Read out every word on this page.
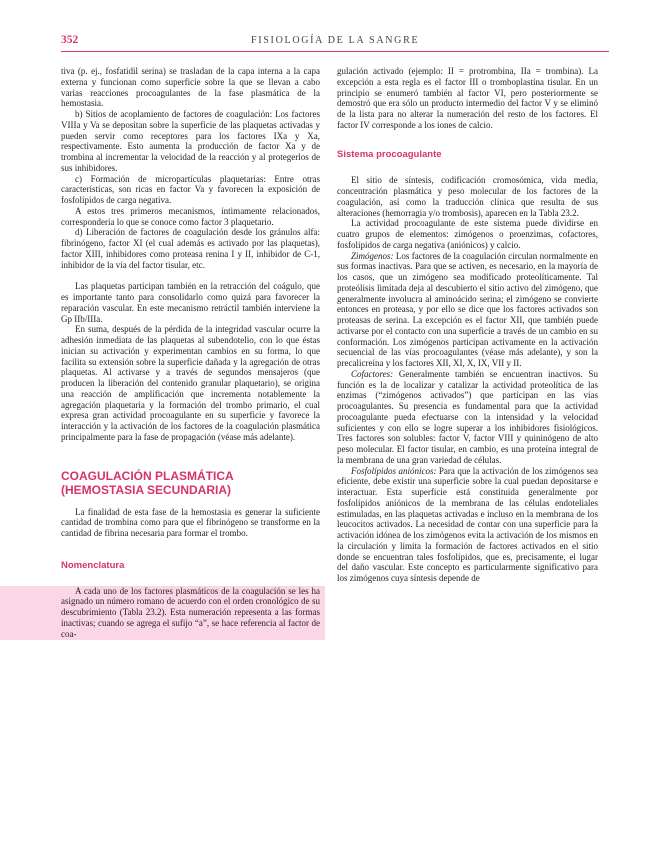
352	FISIOLOGÍA DE LA SANGRE

tiva (p. ej., fosfatidil serina) se trasladan de la capa interna a la capa externa y funcionan como superficie sobre la que se llevan a cabo varias reacciones procoagulantes de la fase plasmática de la hemostasia.

b) Sitios de acoplamiento de factores de coagulación: Los factores VIIIa y Va se depositan sobre la superficie de las plaquetas activadas y pueden servir como receptores para los factores IXa y Xa, respectivamente. Esto aumenta la producción de factor Xa y de trombina al incrementar la velocidad de la reacción y al protegerlos de sus inhibidores.

c) Formación de micropartículas plaquetarias: Entre otras características, son ricas en factor Va y favorecen la exposición de fosfolípidos de carga negativa.

A estos tres primeros mecanismos, íntimamente relacionados, correspondería lo que se conoce como factor 3 plaquetario.

d) Liberación de factores de coagulación desde los gránulos alfa: fibrinógeno, factor XI (el cual además es activado por las plaquetas), factor XIII, inhibidores como proteasa renina I y II, inhibidor de C-1, inhibidor de la vía del factor tisular, etc.

Las plaquetas participan también en la retracción del coágulo, que es importante tanto para consolidarlo como quizá para favorecer la reparación vascular. En este mecanismo retráctil también interviene la Gp IIb/IIIa.

En suma, después de la pérdida de la integridad vascular ocurre la adhesión inmediata de las plaquetas al subendotelio, con lo que éstas inician su activación y experimentan cambios en su forma, lo que facilita su extensión sobre la superficie dañada y la agregación de otras plaquetas. Al activarse y a través de segundos mensajeros (que producen la liberación del contenido granular plaquetario), se origina una reacción de amplificación que incrementa notablemente la agregación plaquetaria y la formación del trombo primario, el cual expresa gran actividad procoagulante en su superficie y favorece la interacción y la activación de los factores de la coagulación plasmática principalmente para la fase de propagación (véase más adelante).

COAGULACIÓN PLASMÁTICA
(HEMOSTASIA SECUNDARIA)

La finalidad de esta fase de la hemostasia es generar la suficiente cantidad de trombina como para que el fibrinógeno se transforme en la cantidad de fibrina necesaria para formar el trombo.

Nomenclatura

A cada uno de los factores plasmáticos de la coagulación se les ha asignado un número romano de acuerdo con el orden cronológico de su descubrimiento (Tabla 23.2). Esta numeración representa a las formas inactivas; cuando se agrega el sufijo “a”, se hace referencia al factor de coa-

gulación activado (ejemplo: II = protrombina, IIa = trombina). La excepción a esta regla es el factor III o tromboplastina tisular. En un principio se enumeró también al factor VI, pero posteriormente se demostró que era sólo un producto intermedio del factor V y se eliminó de la lista para no alterar la numeración del resto de los factores. El factor IV corresponde a los iones de calcio.

Sistema procoagulante

El sitio de síntesis, codificación cromosómica, vida media, concentración plasmática y peso molecular de los factores de la coagulación, así como la traducción clínica que resulta de sus alteraciones (hemorragia y/o trombosis), aparecen en la Tabla 23.2.

La actividad procoagulante de este sistema puede dividirse en cuatro grupos de elementos: zimógenos o proenzimas, cofactores, fosfolípidos de carga negativa (aniónicos) y calcio.

Zimógenos: Los factores de la coagulación circulan normalmente en sus formas inactivas. Para que se activen, es necesario, en la mayoría de los casos, que un zimógeno sea modificado proteolíticamente. Tal proteólisis limitada deja al descubierto el sitio activo del zimógeno, que generalmente involucra al aminoácido serina; el zimógeno se convierte entonces en proteasa, y por ello se dice que los factores activados son proteasas de serina. La excepción es el factor XII, que también puede activarse por el contacto con una superficie a través de un cambio en su conformación. Los zimógenos participan activamente en la activación secuencial de las vías procoagulantes (véase más adelante), y son la precalicreína y los factores XII, XI, X, IX, VII y II.

Cofactores: Generalmente también se encuentran inactivos. Su función es la de localizar y catalizar la actividad proteolítica de las enzimas (“zimógenos activados”) que participan en las vías procoagulantes. Su presencia es fundamental para que la actividad procoagulante pueda efectuarse con la intensidad y la velocidad suficientes y con ello se logre superar a los inhibidores fisiológicos. Tres factores son solubles: factor V, factor VIII y quininógeno de alto peso molecular. El factor tisular, en cambio, es una proteína integral de la membrana de una gran variedad de células.

Fosfolípidos aniónicos: Para que la activación de los zimógenos sea eficiente, debe existir una superficie sobre la cual puedan depositarse e interactuar. Esta superficie está constituida generalmente por fosfolípidos aniónicos de la membrana de las células endoteliales estimuladas, en las plaquetas activadas e incluso en la membrana de los leucocitos activados. La necesidad de contar con una superficie para la activación idónea de los zimógenos evita la activación de los mismos en la circulación y limita la formación de factores activados en el sitio donde se encuentran tales fosfolípidos, que es, precisamente, el lugar del daño vascular. Este concepto es particularmente significativo para los zimógenos cuya síntesis depende de
